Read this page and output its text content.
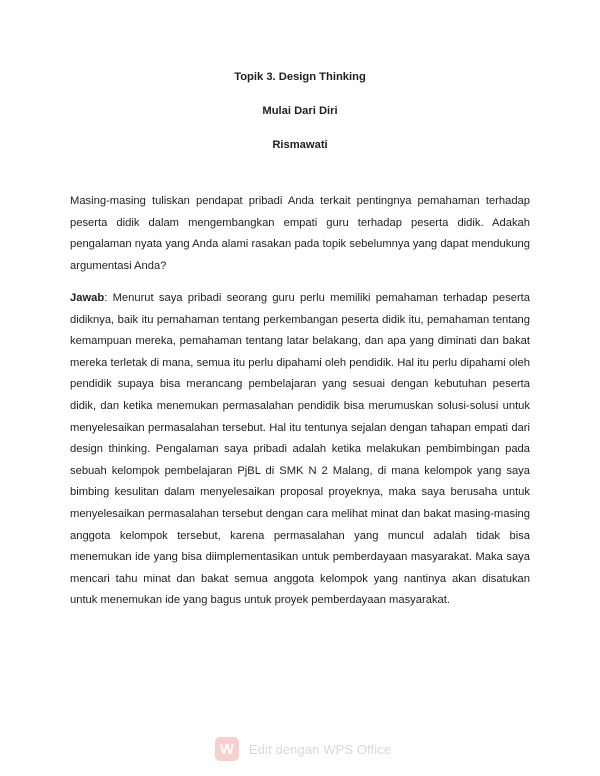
Topik 3. Design Thinking
Mulai Dari Diri
Rismawati

Masing-masing tuliskan pendapat pribadi Anda terkait pentingnya pemahaman terhadap peserta didik dalam mengembangkan empati guru terhadap peserta didik. Adakah pengalaman nyata yang Anda alami rasakan pada topik sebelumnya yang dapat mendukung argumentasi Anda?

Jawab: Menurut saya pribadi seorang guru perlu memiliki pemahaman terhadap peserta didiknya, baik itu pemahaman tentang perkembangan peserta didik itu, pemahaman tentang kemampuan mereka, pemahaman tentang latar belakang, dan apa yang diminati dan bakat mereka terletak di mana, semua itu perlu dipahami oleh pendidik. Hal itu perlu dipahami oleh pendidik supaya bisa merancang pembelajaran yang sesuai dengan kebutuhan peserta didik, dan ketika menemukan permasalahan pendidik bisa merumuskan solusi-solusi untuk menyelesaikan permasalahan tersebut. Hal itu tentunya sejalan dengan tahapan empati dari design thinking. Pengalaman saya pribadi adalah ketika melakukan pembimbingan pada sebuah kelompok pembelajaran PjBL di SMK N 2 Malang, di mana kelompok yang saya bimbing kesulitan dalam menyelesaikan proposal proyeknya, maka saya berusaha untuk menyelesaikan permasalahan tersebut dengan cara melihat minat dan bakat masing-masing anggota kelompok tersebut, karena permasalahan yang muncul adalah tidak bisa menemukan ide yang bisa diimplementasikan untuk pemberdayaan masyarakat. Maka saya mencari tahu minat dan bakat semua anggota kelompok yang nantinya akan disatukan untuk menemukan ide yang bagus untuk proyek pemberdayaan masyarakat.

W	Edit dengan WPS Office
